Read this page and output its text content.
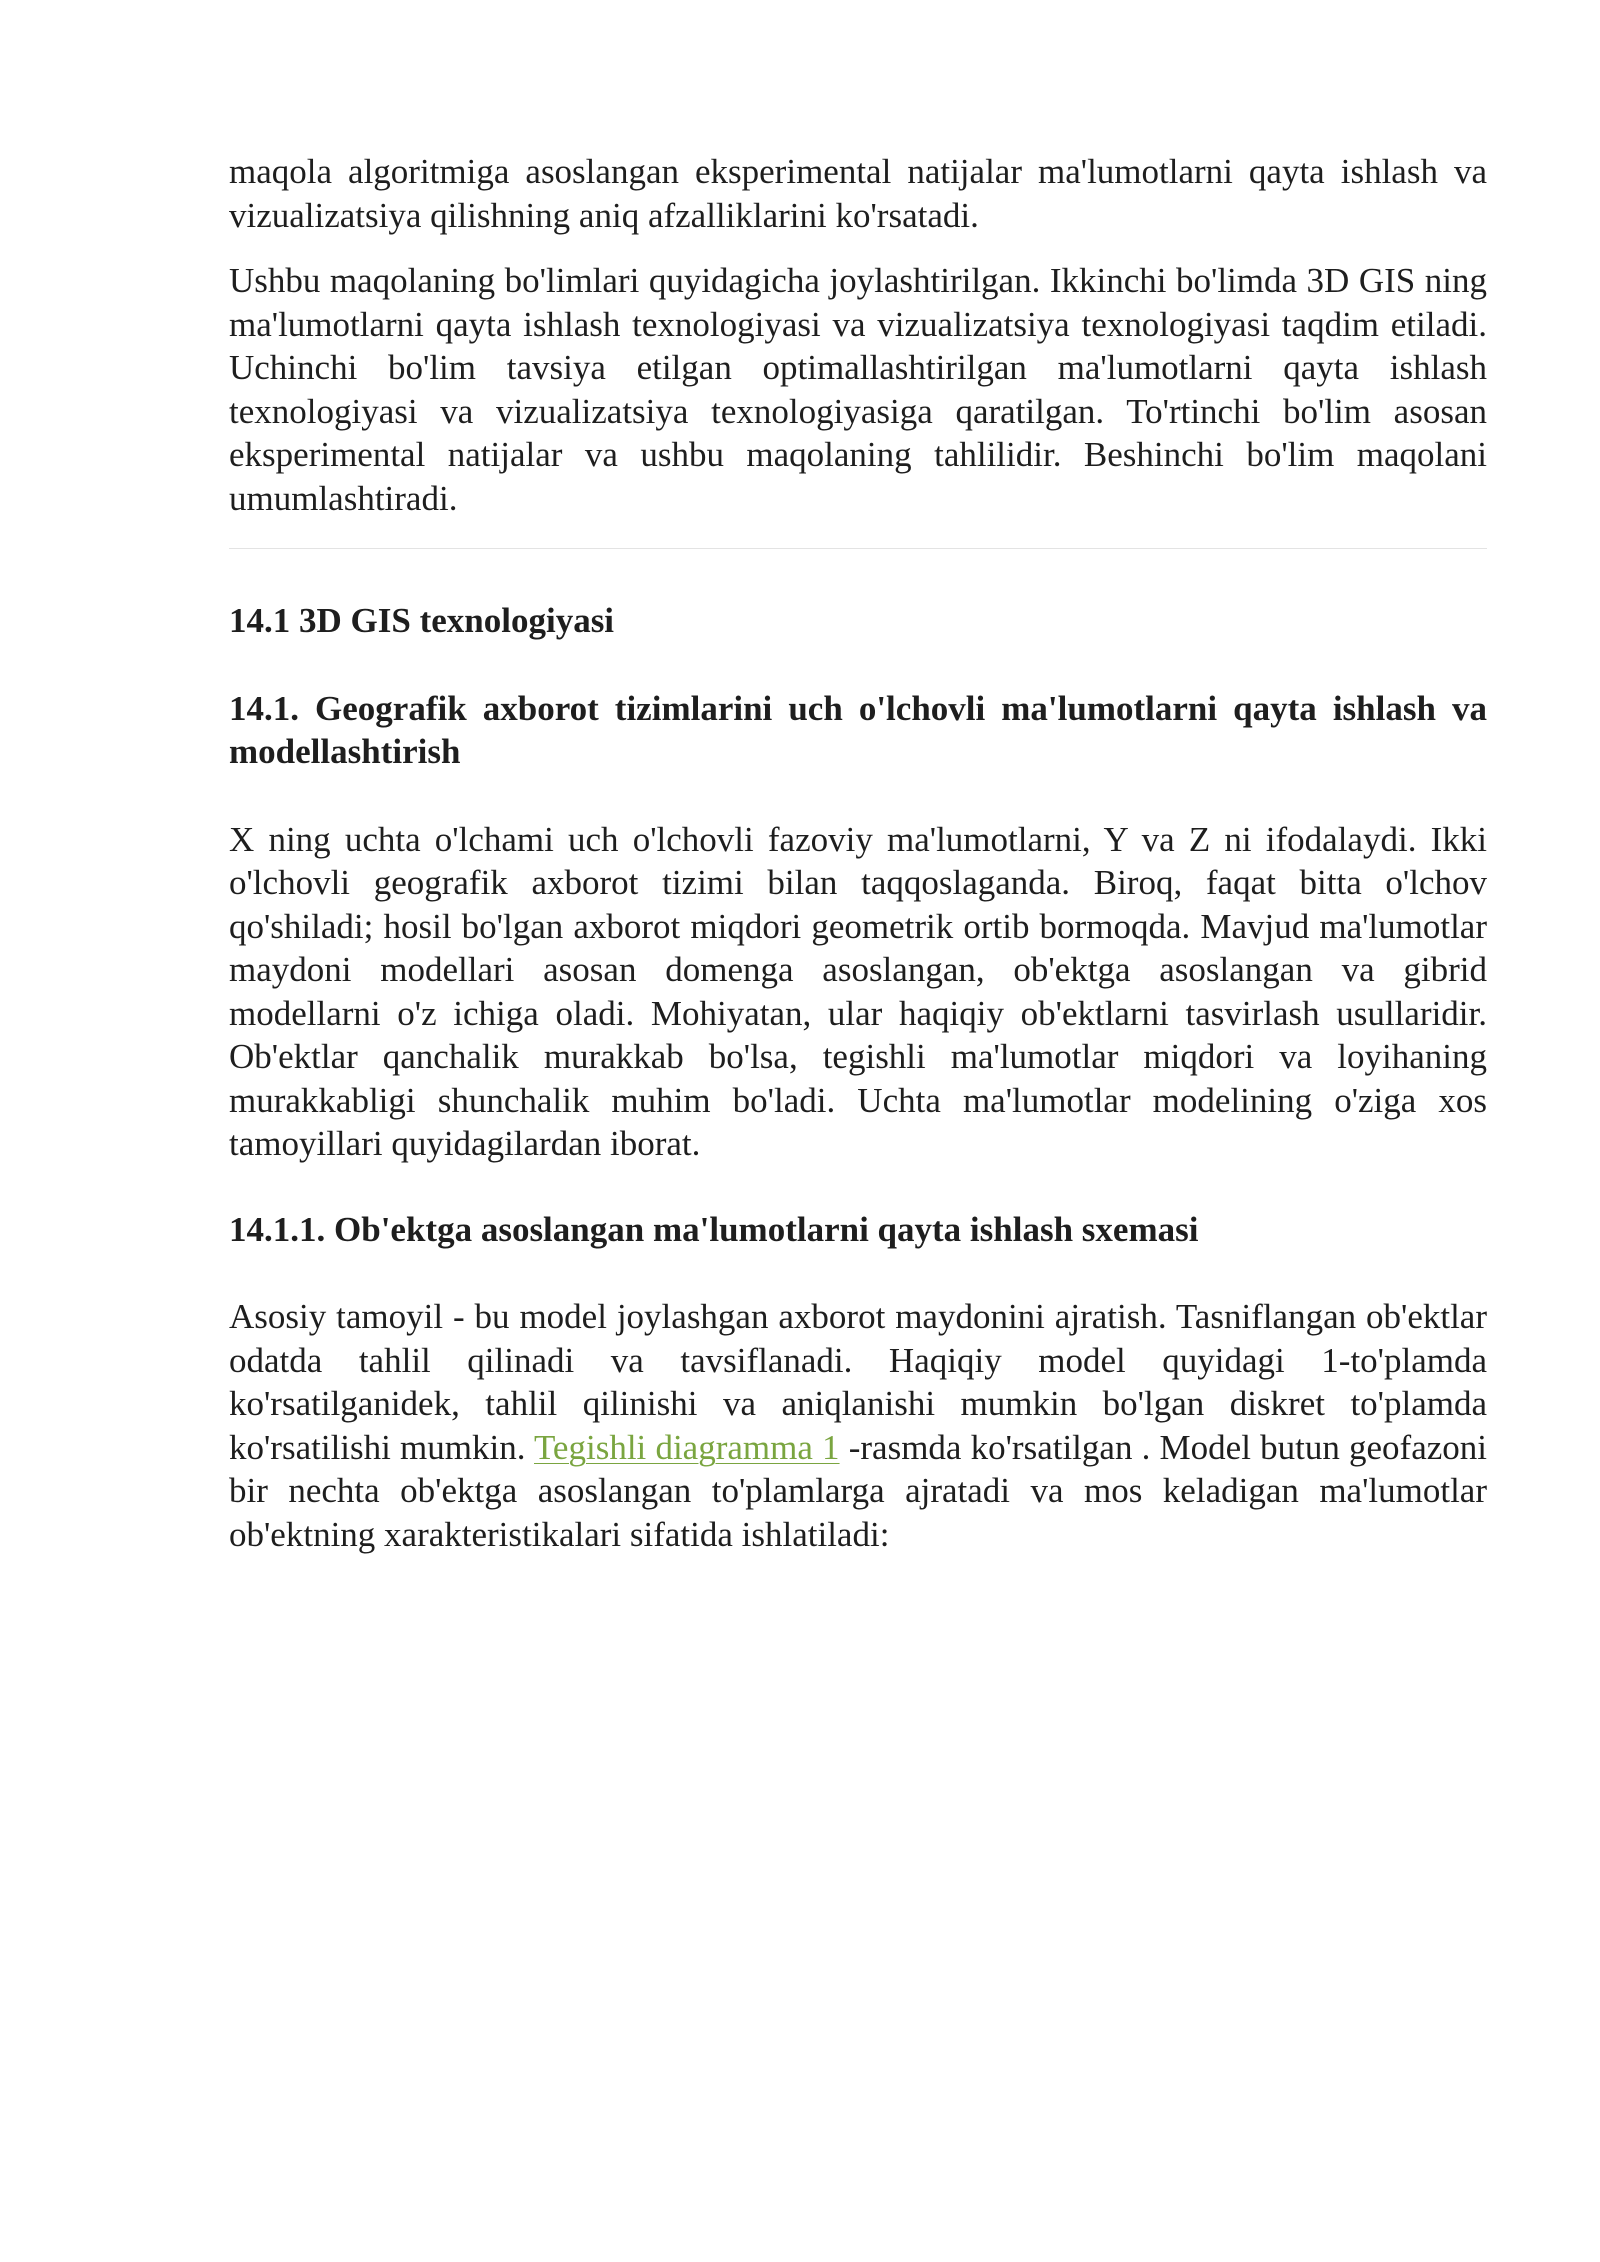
maqola algoritmiga asoslangan eksperimental natijalar ma'lumotlarni qayta ishlash va vizualizatsiya qilishning aniq afzalliklarini ko'rsatadi.

Ushbu maqolaning bo'limlari quyidagicha joylashtirilgan. Ikkinchi bo'limda 3D GIS ning ma'lumotlarni qayta ishlash texnologiyasi va vizualizatsiya texnologiyasi taqdim etiladi. Uchinchi bo'lim tavsiya etilgan optimallashtirilgan ma'lumotlarni qayta ishlash texnologiyasi va vizualizatsiya texnologiyasiga qaratilgan. To'rtinchi bo'lim asosan eksperimental natijalar va ushbu maqolaning tahlilidir. Beshinchi bo'lim maqolani umumlashtiradi.

14.1 3D GIS texnologiyasi
14.1. Geografik axborot tizimlarini uch o'lchovli ma'lumotlarni qayta ishlash va modellashtirish

X ning uchta o'lchami uch o'lchovli fazoviy ma'lumotlarni, Y va Z ni ifodalaydi. Ikki o'lchovli geografik axborot tizimi bilan taqqoslaganda. Biroq, faqat bitta o'lchov qo'shiladi; hosil bo'lgan axborot miqdori geometrik ortib bormoqda. Mavjud ma'lumotlar maydoni modellari asosan domenga asoslangan, ob'ektga asoslangan va gibrid modellarni o'z ichiga oladi. Mohiyatan, ular haqiqiy ob'ektlarni tasvirlash usullaridir. Ob'ektlar qanchalik murakkab bo'lsa, tegishli ma'lumotlar miqdori va loyihaning murakkabligi shunchalik muhim bo'ladi. Uchta ma'lumotlar modelining o'ziga xos tamoyillari quyidagilardan iborat.

14.1.1. Ob'ektga asoslangan ma'lumotlarni qayta ishlash sxemasi

Asosiy tamoyil - bu model joylashgan axborot maydonini ajratish. Tasniflangan ob'ektlar odatda tahlil qilinadi va tavsiflanadi. Haqiqiy model quyidagi 1-to'plamda ko'rsatilganidek, tahlil qilinishi va aniqlanishi mumkin bo'lgan diskret to'plamda ko'rsatilishi mumkin. Tegishli diagramma 1 -rasmda ko'rsatilgan . Model butun geofazoni bir nechta ob'ektga asoslangan to'plamlarga ajratadi va mos keladigan ma'lumotlar ob'ektning xarakteristikalari sifatida ishlatiladi:
